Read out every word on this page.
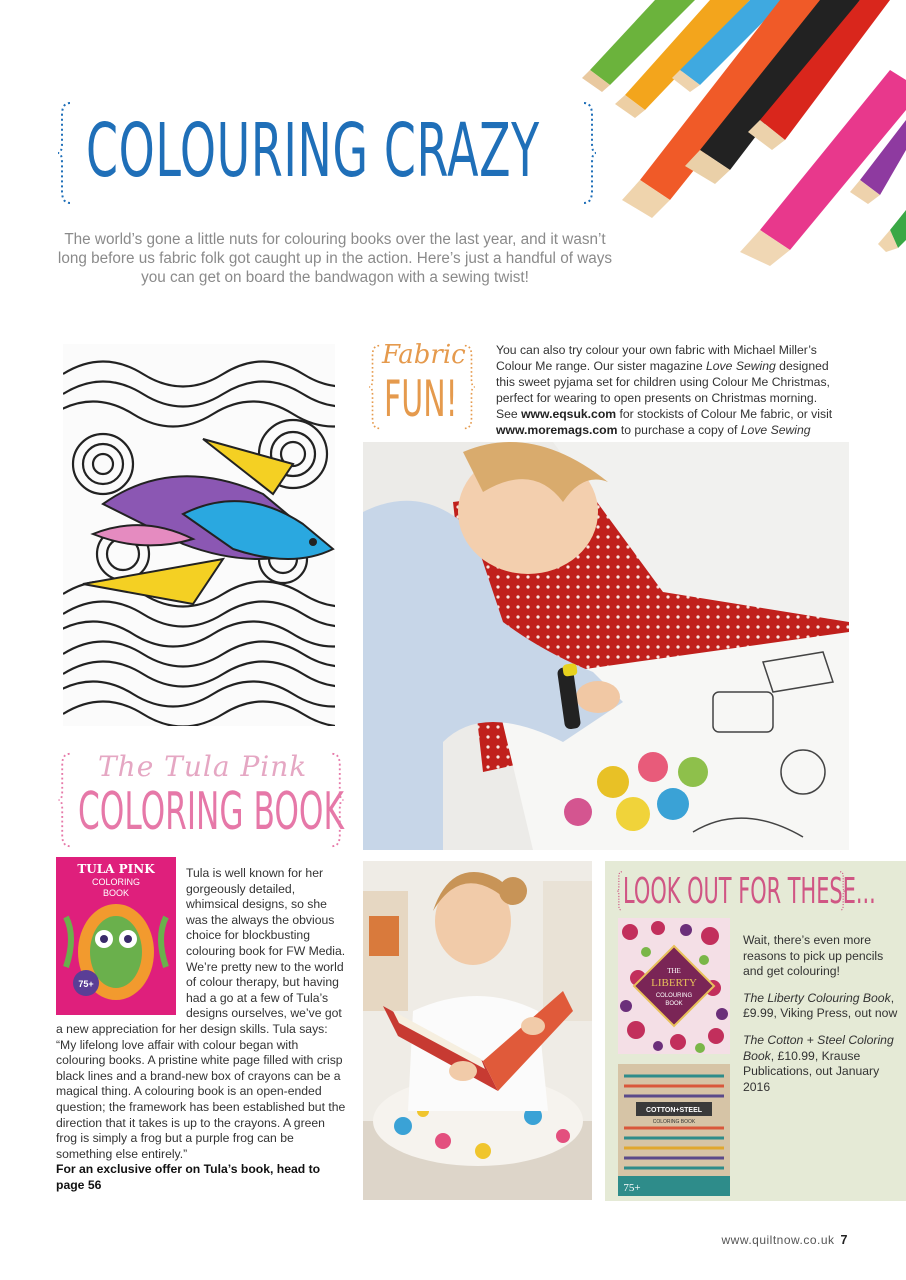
COLOURING CRAZY

The world’s gone a little nuts for colouring books over the last year, and it wasn’t long before us fabric folk got caught up in the action. Here’s just a handful of ways you can get on board the bandwagon with a sewing twist!

Fabric

FUN!

You can also try colour your own fabric with Michael Miller’s Colour Me range. Our sister magazine Love Sewing designed this sweet pyjama set for children using Colour Me Christmas, perfect for wearing to open presents on Christmas morning. See www.eqsuk.com for stockists of Colour Me fabric, or visit www.moremags.com to purchase a copy of Love Sewing

The Tula Pink

COLORING BOOK

TULA PINK
COLORING
BOOK
75+

Tula is well known for her gorgeously detailed, whimsical designs, so she was the always the obvious choice for blockbusting colouring book for FW Media. We’re pretty new to the world of colour therapy, but having had a go at a few of Tula’s designs ourselves, we’ve got a new appreciation for her design skills. Tula says: “My lifelong love affair with colour began with colouring books. A pristine white page filled with crisp black lines and a brand-new box of crayons can be a magical thing. A colouring book is an open-ended question; the framework has been established but the direction that it takes is up to the crayons. A green frog is simply a frog but a purple frog can be something else entirely.”
For an exclusive offer on Tula’s book, head to page 56

LOOK OUT FOR THESE...

THE
LIBERTY
COLOURING
BOOK
COTTON+STEEL
COLORING BOOK
75+

Wait, there’s even more reasons to pick up pencils and get colouring!

The Liberty Colouring Book, £9.99, Viking Press, out now

The Cotton + Steel Coloring Book, £10.99, Krause Publications, out January 2016

www.quiltnow.co.uk 7
